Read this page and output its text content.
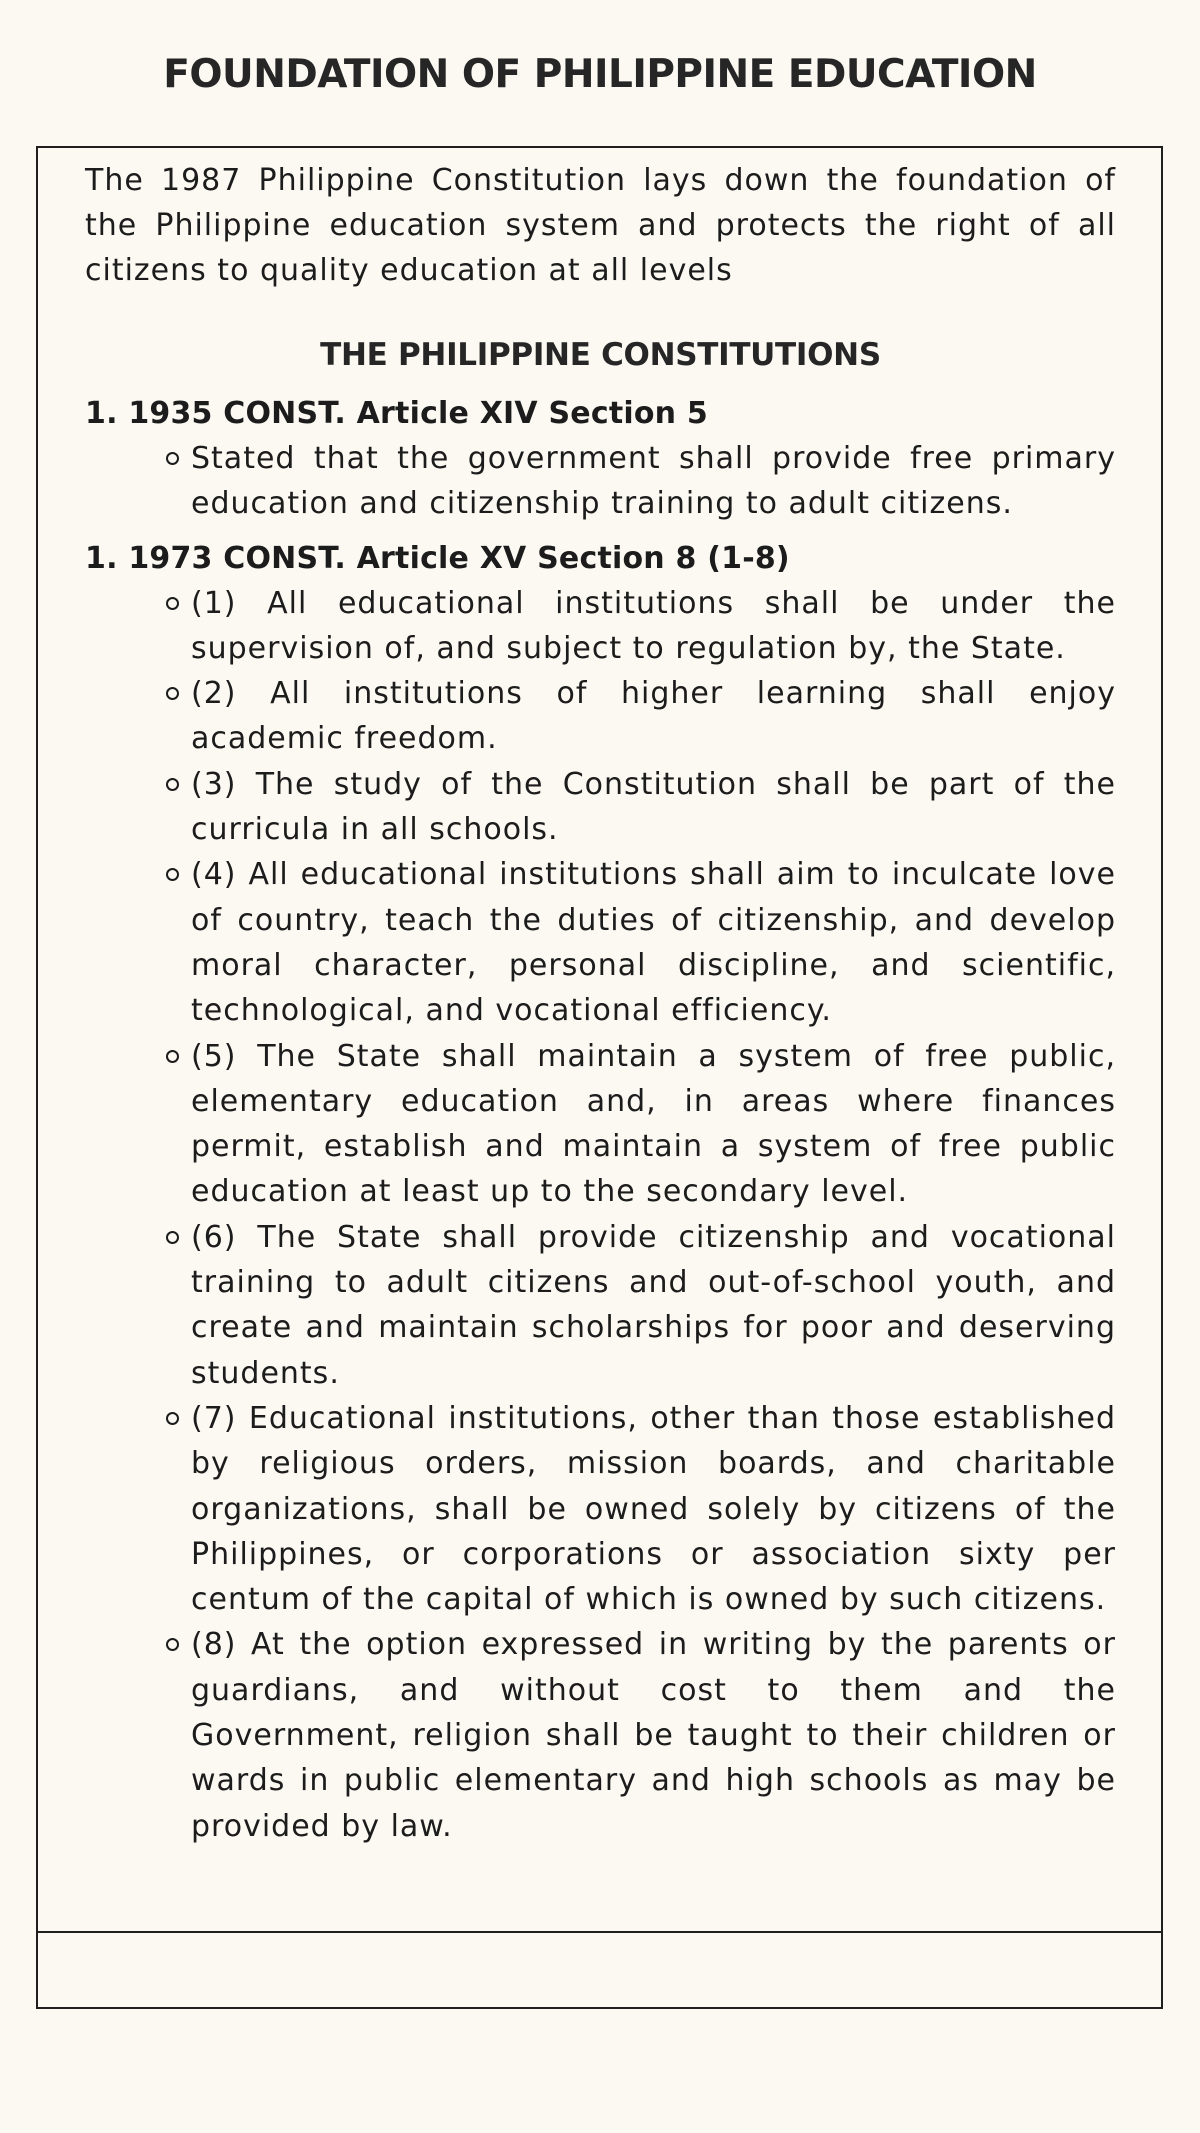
FOUNDATION OF PHILIPPINE EDUCATION

The 1987 Philippine Constitution lays down the foundation of the Philippine education system and protects the right of all citizens to quality education at all levels

THE PHILIPPINE CONSTITUTIONS
1. 1935 CONST. Article XIV Section 5
Stated that the government shall provide free primary education and citizenship training to adult citizens.
1. 1973 CONST. Article XV Section 8 (1-8)
(1) All educational institutions shall be under the supervision of, and subject to regulation by, the State.
(2) All institutions of higher learning shall enjoy academic freedom.
(3) The study of the Constitution shall be part of the curricula in all schools.
(4) All educational institutions shall aim to inculcate love of country, teach the duties of citizenship, and develop moral character, personal discipline, and scientific, technological, and vocational efficiency.
(5) The State shall maintain a system of free public, elementary education and, in areas where finances permit, establish and maintain a system of free public education at least up to the secondary level.
(6) The State shall provide citizenship and vocational training to adult citizens and out-of-school youth, and create and maintain scholarships for poor and deserving students.
(7) Educational institutions, other than those established by religious orders, mission boards, and charitable organizations, shall be owned solely by citizens of the Philippines, or corporations or association sixty per centum of the capital of which is owned by such citizens.
(8) At the option expressed in writing by the parents or guardians, and without cost to them and the Government, religion shall be taught to their children or wards in public elementary and high schools as may be provided by law.
